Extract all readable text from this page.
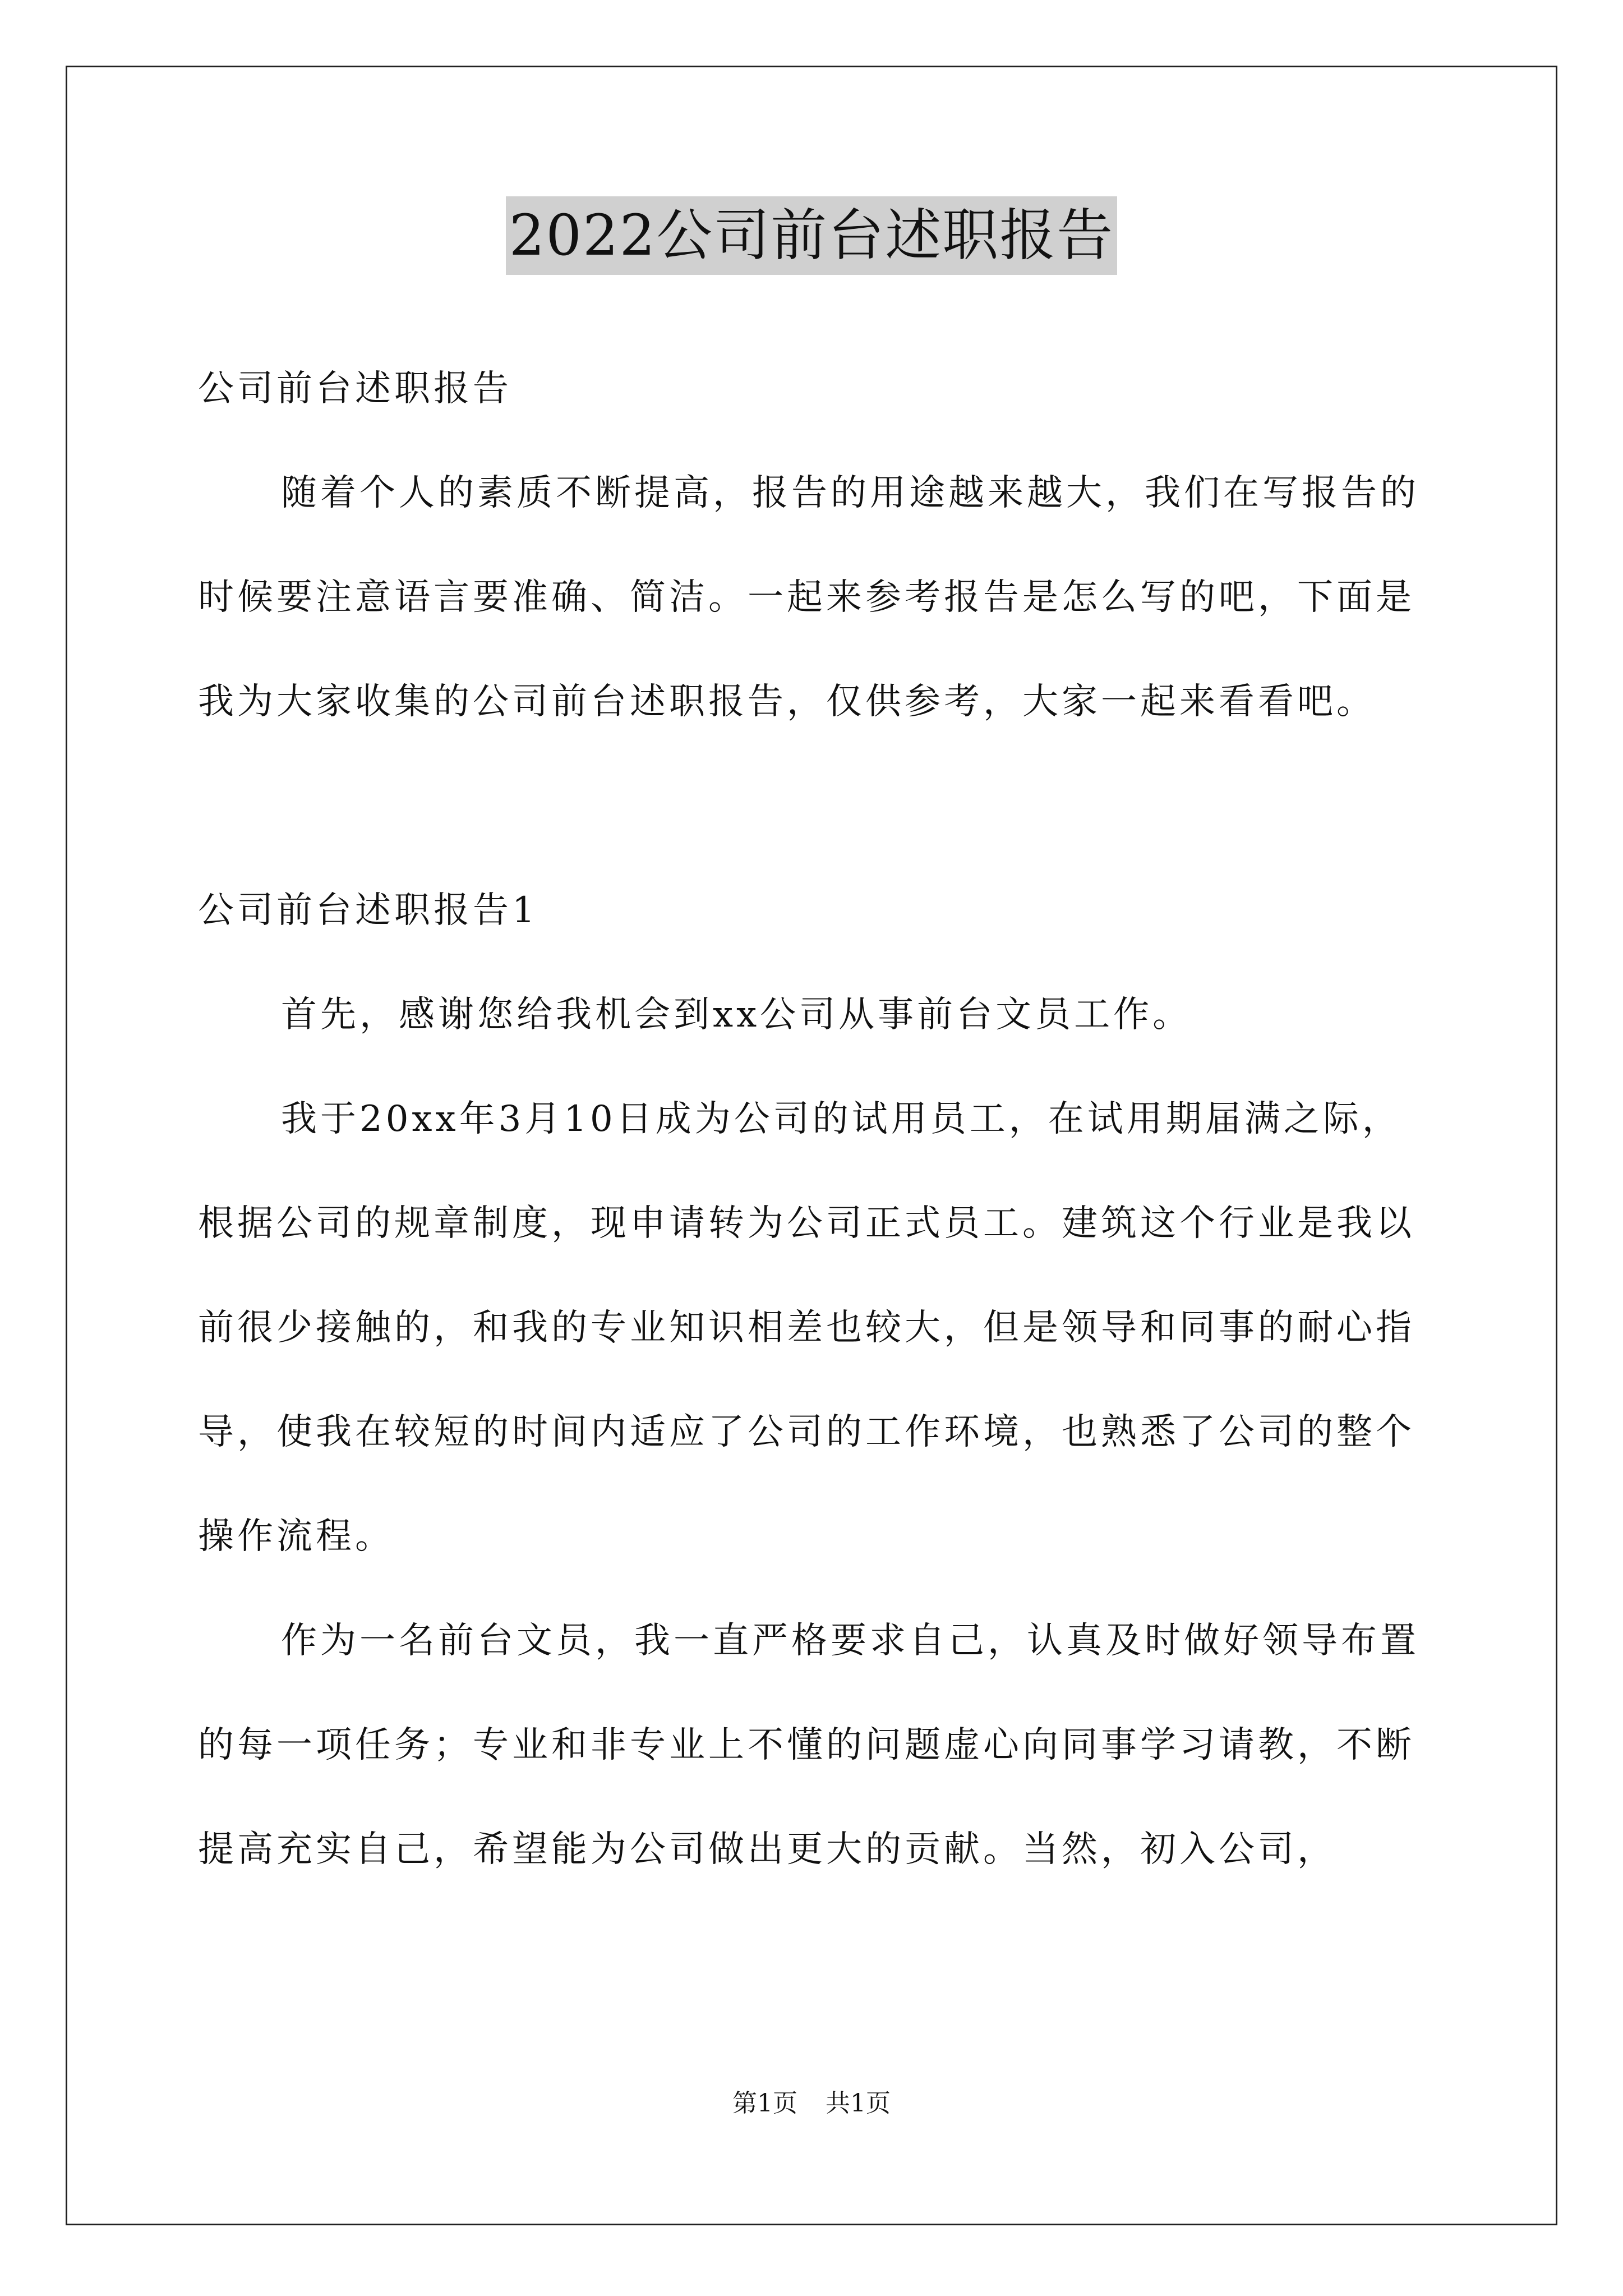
2022公司前台述职报告

公司前台述职报告

随着个人的素质不断提高，报告的用途越来越大，我们在写报告的时候要注意语言要准确、简洁。一起来参考报告是怎么写的吧，下面是我为大家收集的公司前台述职报告，仅供参考，大家一起来看看吧。

公司前台述职报告1

首先，感谢您给我机会到xx公司从事前台文员工作。

我于20xx年3月10日成为公司的试用员工，在试用期届满之际，根据公司的规章制度，现申请转为公司正式员工。建筑这个行业是我以前很少接触的，和我的专业知识相差也较大，但是领导和同事的耐心指导，使我在较短的时间内适应了公司的工作环境，也熟悉了公司的整个操作流程。

作为一名前台文员，我一直严格要求自己，认真及时做好领导布置的每一项任务；专业和非专业上不懂的问题虚心向同事学习请教，不断提高充实自己，希望能为公司做出更大的贡献。当然，初入公司，

第1页 共1页
